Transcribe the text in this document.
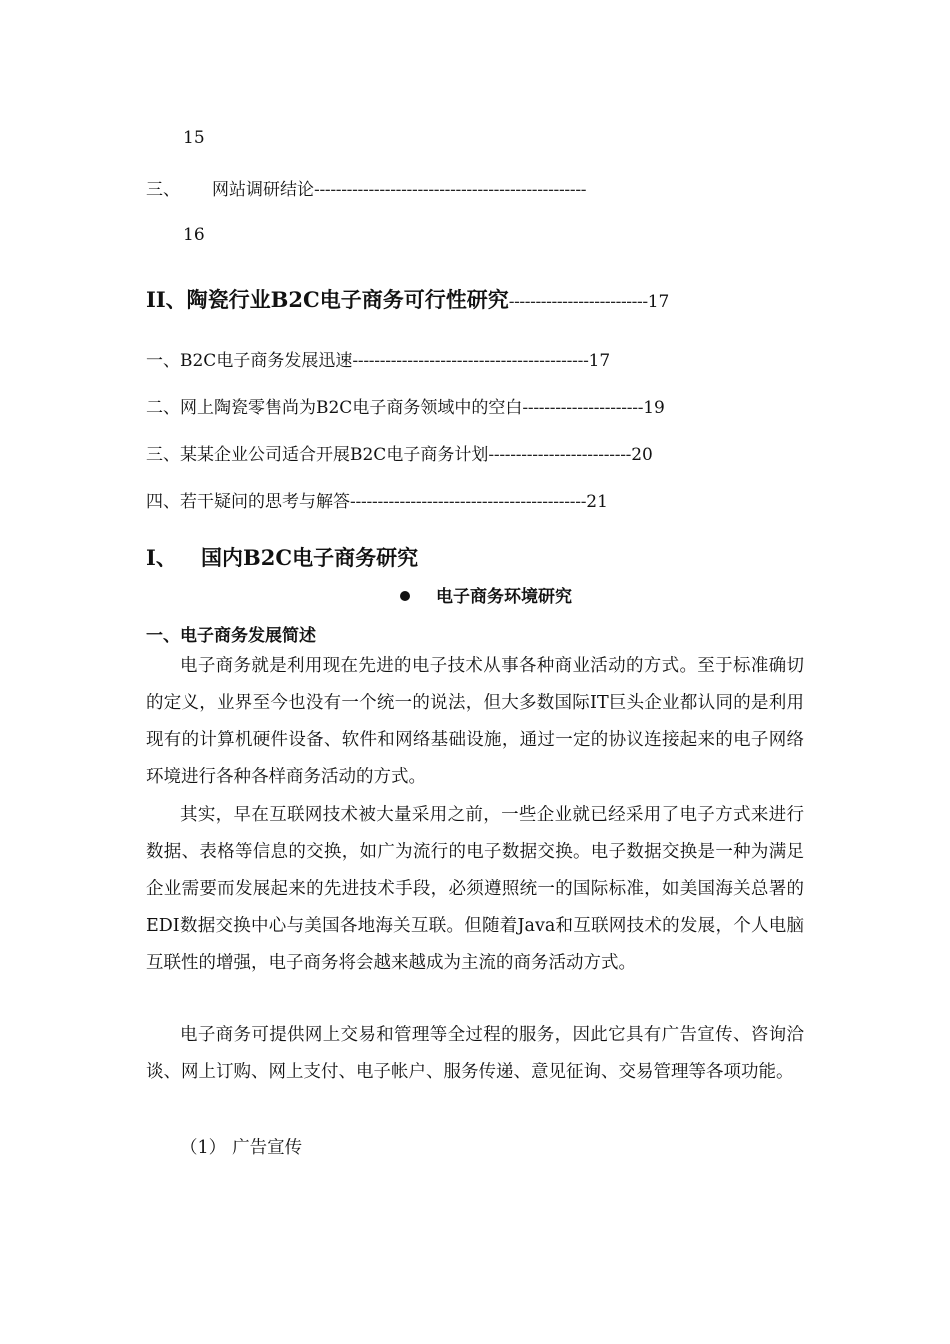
15
三、 网站调研结论--------------------------------------------------
16
II、陶瓷行业B2C电子商务可行性研究--------------------------17
一、B2C电子商务发展迅速-------------------------------------------17
二、网上陶瓷零售尚为B2C电子商务领域中的空白----------------------19
三、某某企业公司适合开展B2C电子商务计划--------------------------20
四、若干疑问的思考与解答-------------------------------------------21
I、 国内B2C电子商务研究
电子商务环境研究
一、电子商务发展简述
电子商务就是利用现在先进的电子技术从事各种商业活动的方式。至于标准确切的定义，业界至今也没有一个统一的说法，但大多数国际IT巨头企业都认同的是利用现有的计算机硬件设备、软件和网络基础设施，通过一定的协议连接起来的电子网络环境进行各种各样商务活动的方式。
其实，早在互联网技术被大量采用之前，一些企业就已经采用了电子方式来进行数据、表格等信息的交换，如广为流行的电子数据交换。电子数据交换是一种为满足企业需要而发展起来的先进技术手段，必须遵照统一的国际标准，如美国海关总署的EDI数据交换中心与美国各地海关互联。但随着Java和互联网技术的发展，个人电脑互联性的增强，电子商务将会越来越成为主流的商务活动方式。
电子商务可提供网上交易和管理等全过程的服务，因此它具有广告宣传、咨询洽谈、网上订购、网上支付、电子帐户、服务传递、意见征询、交易管理等各项功能。
（1） 广告宣传
